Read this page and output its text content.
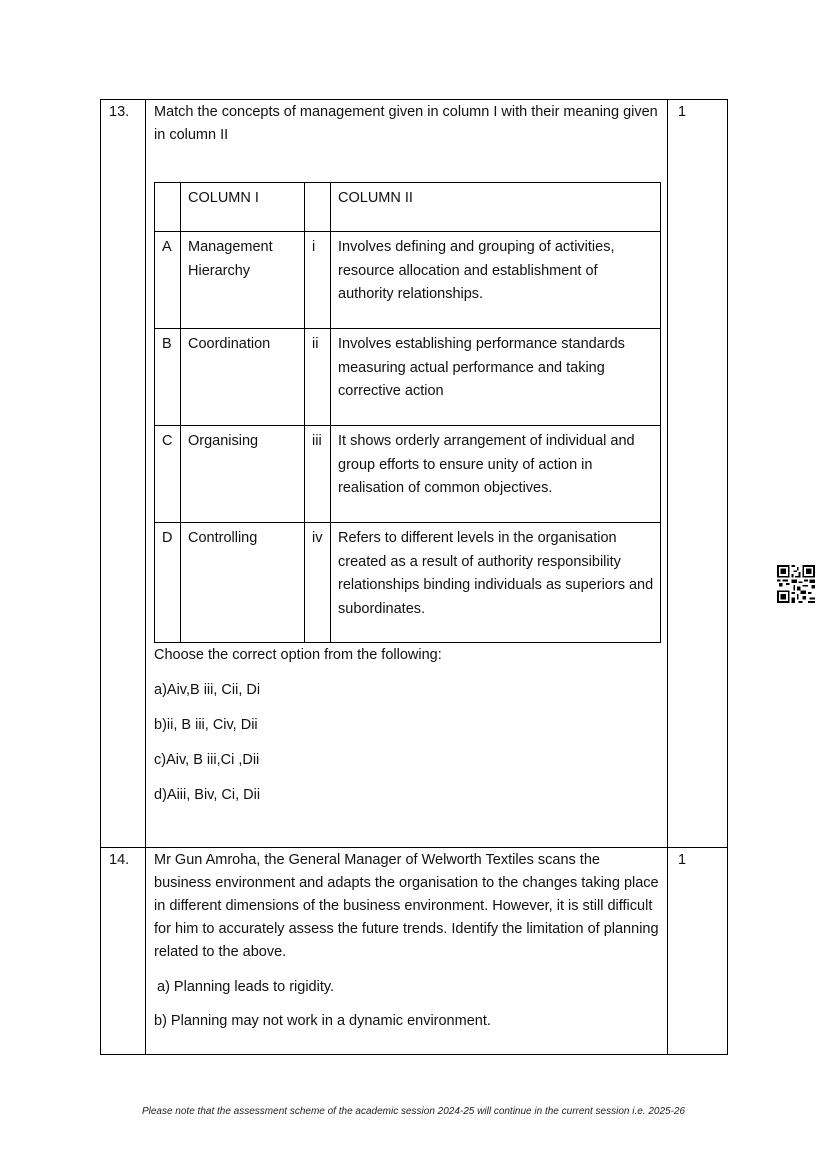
13.	Match the concepts of management given in column I with their meaning given in column II
	COLUMN I		COLUMN II
A	Management Hierarchy	i	Involves defining and grouping of activities, resource allocation and establishment of authority relationships.
B	Coordination	ii	Involves establishing performance standards measuring actual performance and taking corrective action
C	Organising	iii	It shows orderly arrangement of individual and group efforts to ensure unity of action in realisation of common objectives.
D	Controlling	iv	Refers to different levels in the organisation created as a result of authority responsibility relationships binding individuals as superiors and subordinates.
Choose the correct option from the following:
a)Aiv,B iii, Cii, Di
b)ii, B iii, Civ, Dii
c)Aiv, B iii,Ci ,Dii
d)Aiii, Biv, Ci, Dii
	1
14.	Mr Gun Amroha, the General Manager of Welworth Textiles scans the business environment and adapts the organisation to the changes taking place in different dimensions of the business environment. However, it is still difficult for him to accurately assess the future trends. Identify the limitation of planning related to the above.
a) Planning leads to rigidity.
b) Planning may not work in a dynamic environment.
	1
Please note that the assessment scheme of the academic session 2024-25 will continue in the current session i.e. 2025-26
